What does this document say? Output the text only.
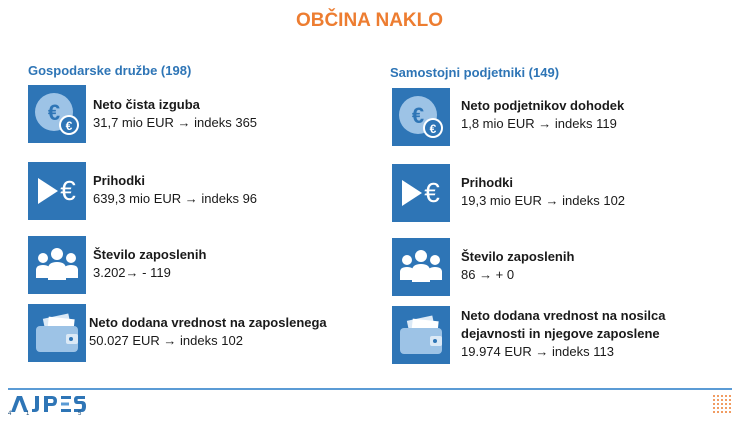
OBČINA NAKLO
Gospodarske družbe (198)
€
€
Neto čista izguba
31,7 mio EUR → indeks 365
€ Prihodki
639,3 mio EUR → indeks 96
Število zaposlenih
3.202→ - 119
Neto dodana vrednost na zaposlenega
50.027 EUR → indeks 102
Samostojni podjetniki (149)
€
€
Neto podjetnikov dohodek
1,8 mio EUR → indeks 119
€ Prihodki
19,3 mio EUR → indeks 102
Število zaposlenih
86 → + 0
Neto dodana vrednost na nosilca
dejavnosti in njegove zaposlene
19.974 EUR → indeks 113
4 1	5
